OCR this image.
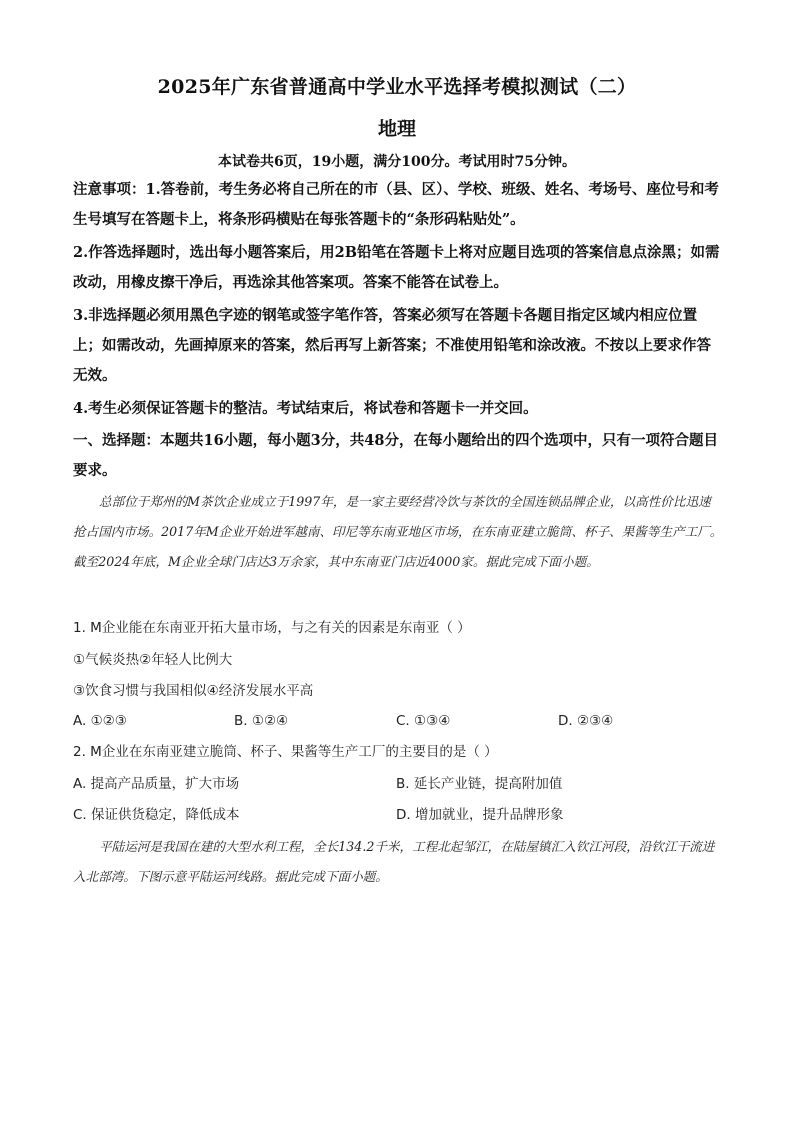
2025年广东省普通高中学业水平选择考模拟测试（二）
地理
本试卷共6页，19小题，满分100分。考试用时75分钟。
注意事项：1.答卷前，考生务必将自己所在的市（县、区）、学校、班级、姓名、考场号、座位号和考生号填写在答题卡上，将条形码横贴在每张答题卡的“条形码粘贴处”。
2.作答选择题时，选出每小题答案后，用2B铅笔在答题卡上将对应题目选项的答案信息点涂黑；如需改动，用橡皮擦干净后，再选涂其他答案项。答案不能答在试卷上。
3.非选择题必须用黑色字迹的钢笔或签字笔作答，答案必须写在答题卡各题目指定区域内相应位置上；如需改动，先画掉原来的答案，然后再写上新答案；不准使用铅笔和涂改液。不按以上要求作答无效。
4.考生必须保证答题卡的整洁。考试结束后，将试卷和答题卡一并交回。
一、选择题：本题共16小题，每小题3分，共48分，在每小题给出的四个选项中，只有一项符合题目要求。
总部位于郑州的M茶饮企业成立于1997年，是一家主要经营冷饮与茶饮的全国连锁品牌企业，以高性价比迅速抢占国内市场。2017年M企业开始进军越南、印尼等东南亚地区市场，在东南亚建立脆筒、杯子、果酱等生产工厂。截至2024年底，M企业全球门店达3万余家，其中东南亚门店近4000家。据此完成下面小题。
1. M企业能在东南亚开拓大量市场，与之有关的因素是东南亚（ ）
①气候炎热②年轻人比例大
③饮食习惯与我国相似④经济发展水平高
A. ①②③	B. ①②④	C. ①③④	D. ②③④
2. M企业在东南亚建立脆筒、杯子、果酱等生产工厂的主要目的是（ ）
A. 提高产品质量，扩大市场	B. 延长产业链，提高附加值
C. 保证供货稳定，降低成本	D. 增加就业，提升品牌形象
平陆运河是我国在建的大型水利工程，全长134.2千米，工程北起邹江，在陆屋镇汇入钦江河段，沿钦江干流进入北部湾。下图示意平陆运河线路。据此完成下面小题。
